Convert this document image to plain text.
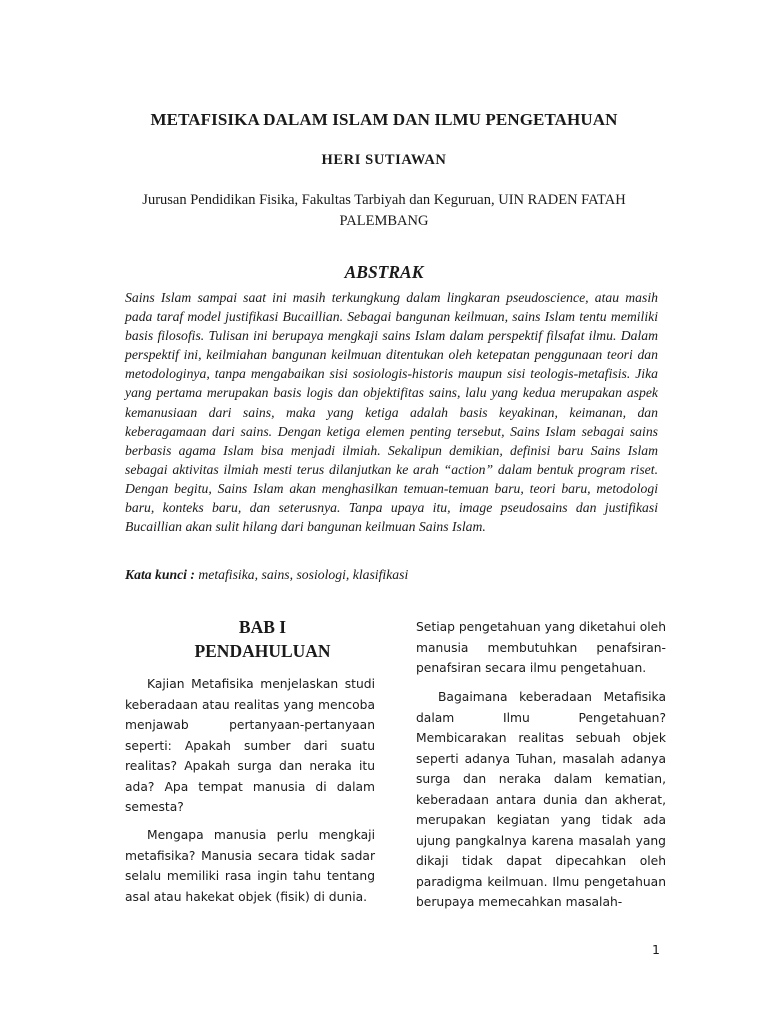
METAFISIKA DALAM ISLAM DAN ILMU PENGETAHUAN
HERI SUTIAWAN
Jurusan Pendidikan Fisika, Fakultas Tarbiyah dan Keguruan, UIN RADEN FATAH PALEMBANG
ABSTRAK

Sains Islam sampai saat ini masih terkungkung dalam lingkaran pseudoscience, atau masih pada taraf model justifikasi Bucaillian. Sebagai bangunan keilmuan, sains Islam tentu memiliki basis filosofis. Tulisan ini berupaya mengkaji sains Islam dalam perspektif filsafat ilmu. Dalam perspektif ini, keilmiahan bangunan keilmuan ditentukan oleh ketepatan penggunaan teori dan metodologinya, tanpa mengabaikan sisi sosiologis-historis maupun sisi teologis-metafisis. Jika yang pertama merupakan basis logis dan objektifitas sains, lalu yang kedua merupakan aspek kemanusiaan dari sains, maka yang ketiga adalah basis keyakinan, keimanan, dan keberagamaan dari sains. Dengan ketiga elemen penting tersebut, Sains Islam sebagai sains berbasis agama Islam bisa menjadi ilmiah. Sekalipun demikian, definisi baru Sains Islam sebagai aktivitas ilmiah mesti terus dilanjutkan ke arah “action” dalam bentuk program riset. Dengan begitu, Sains Islam akan menghasilkan temuan-temuan baru, teori baru, metodologi baru, konteks baru, dan seterusnya. Tanpa upaya itu, image pseudosains dan justifikasi Bucaillian akan sulit hilang dari bangunan keilmuan Sains Islam.

Kata kunci : metafisika, sains, sosiologi, klasifikasi

BAB I
PENDAHULUAN

Kajian Metafisika menjelaskan studi keberadaan atau realitas yang mencoba menjawab pertanyaan-pertanyaan seperti: Apakah sumber dari suatu realitas? Apakah surga dan neraka itu ada? Apa tempat manusia di dalam semesta?

Mengapa manusia perlu mengkaji metafisika? Manusia secara tidak sadar selalu memiliki rasa ingin tahu tentang asal atau hakekat objek (fisik) di dunia.

Setiap pengetahuan yang diketahui oleh manusia membutuhkan penafsiran-penafsiran secara ilmu pengetahuan.

Bagaimana keberadaan Metafisika dalam Ilmu Pengetahuan? Membicarakan realitas sebuah objek seperti adanya Tuhan, masalah adanya surga dan neraka dalam kematian, keberadaan antara dunia dan akherat, merupakan kegiatan yang tidak ada ujung pangkalnya karena masalah yang dikaji tidak dapat dipecahkan oleh paradigma keilmuan. Ilmu pengetahuan berupaya memecahkan masalah-

1
